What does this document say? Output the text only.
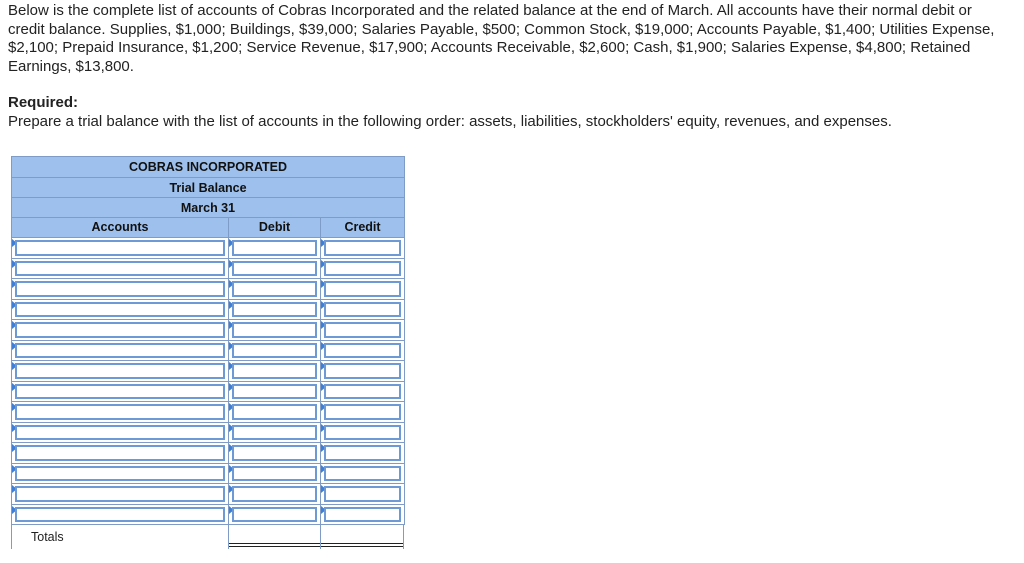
Below is the complete list of accounts of Cobras Incorporated and the related balance at the end of March. All accounts have their normal debit or credit balance. Supplies, $1,000; Buildings, $39,000; Salaries Payable, $500; Common Stock, $19,000; Accounts Payable, $1,400; Utilities Expense, $2,100; Prepaid Insurance, $1,200; Service Revenue, $17,900; Accounts Receivable, $2,600; Cash, $1,900; Salaries Expense, $4,800; Retained Earnings, $13,800.

Required:
Prepare a trial balance with the list of accounts in the following order: assets, liabilities, stockholders' equity, revenues, and expenses.
COBRAS INCORPORATED
Trial Balance
March 31
Accounts	Debit	Credit
Totals
